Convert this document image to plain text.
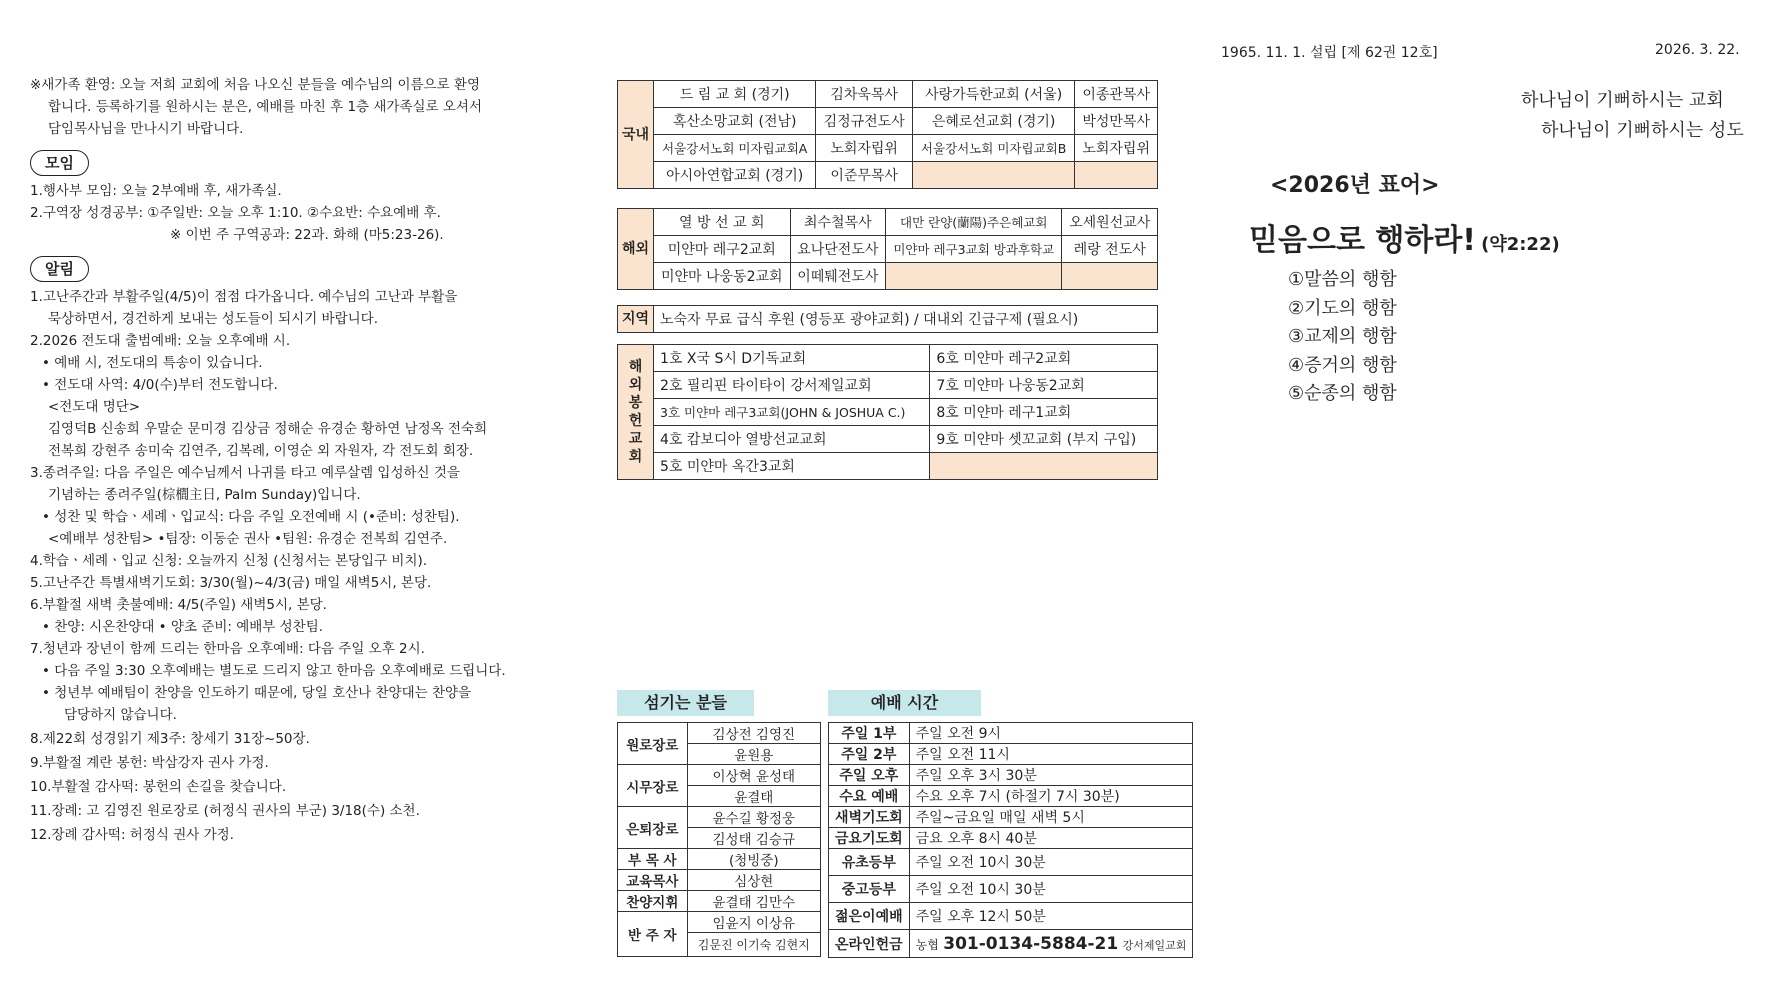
1965. 11. 1. 설립 [제 62권 12호]	2026. 3. 22.

※새가족 환영: 오늘 저희 교회에 처음 나오신 분들을 예수님의 이름으로 환영

합니다. 등록하기를 원하시는 분은, 예배를 마친 후 1층 새가족실로 오셔서

담임목사님을 만나시기 바랍니다.

모임

1.행사부 모임: 오늘 2부예배 후, 새가족실.

2.구역장 성경공부: ①주일반: 오늘 오후 1:10. ②수요반: 수요예배 후.

※ 이번 주 구역공과: 22과. 화해 (마5:23-26).

알림

1.고난주간과 부활주일(4/5)이 점점 다가옵니다. 예수님의 고난과 부활을

묵상하면서, 경건하게 보내는 성도들이 되시기 바랍니다.

2.2026 전도대 출범예배: 오늘 오후예배 시.

• 예배 시, 전도대의 특송이 있습니다.

• 전도대 사역: 4/0(수)부터 전도합니다.

<전도대 명단>

김영덕B 신송희 우말순 문미경 김상금 정해순 유경순 황하연 남정옥 전숙희

전복희 강현주 송미숙 김연주, 김복례, 이영순 외 자원자, 각 전도회 회장.

3.종려주일: 다음 주일은 예수님께서 나귀를 타고 예루살렘 입성하신 것을

기념하는 종려주일(棕櫚主日, Palm Sunday)입니다.

• 성찬 및 학습ㆍ세례ㆍ입교식: 다음 주일 오전예배 시 (•준비: 성찬팀).

<예배부 성찬팀> •팀장: 이동순 권사 •팀원: 유경순 전복희 김연주.

4.학습ㆍ세례ㆍ입교 신청: 오늘까지 신청 (신청서는 본당입구 비치).

5.고난주간 특별새벽기도회: 3/30(월)~4/3(금) 매일 새벽5시, 본당.

6.부활절 새벽 촛불예배: 4/5(주일) 새벽5시, 본당.

• 찬양: 시온찬양대 • 양초 준비: 예배부 성찬팀.

7.청년과 장년이 함께 드리는 한마음 오후예배: 다음 주일 오후 2시.

• 다음 주일 3:30 오후예배는 별도로 드리지 않고 한마음 오후예배로 드립니다.

• 청년부 예배팀이 찬양을 인도하기 때문에, 당일 호산나 찬양대는 찬양을

담당하지 않습니다.

8.제22회 성경읽기 제3주: 창세기 31장~50장.

9.부활절 계란 봉헌: 박삼강자 권사 가정.

10.부활절 감사떡: 봉헌의 손길을 찾습니다.

11.장례: 고 김영진 원로장로 (허정식 권사의 부군) 3/18(수) 소천.

12.장례 감사떡: 허정식 권사 가정.

국내	드 림 교 회 (경기)	김차욱목사	사랑가득한교회 (서울)	이종관목사
	혹산소망교회 (전남)	김정규전도사	은혜로선교회 (경기)	박성만목사
	서울강서노회 미자립교회A	노회자립위	서울강서노회 미자립교회B	노회자립위
	아시아연합교회 (경기)	이준무목사		
해외	열 방 선 교 회	최수철목사	대만 란양(蘭陽)주은혜교회	오세원선교사
	미얀마 레구2교회	요나단전도사	미얀마 레구3교회 방과후학교	레랑 전도사
	미얀마 나웅동2교회	이떼퉤전도사		
지역	노숙자 무료 급식 후원 (영등포 광야교회) / 대내외 긴급구제 (필요시)
해외봉헌교회	1호 X국 S시 D기독교회	6호 미얀마 레구2교회
	2호 필리핀 타이타이 강서제일교회	7호 미얀마 나웅동2교회
	3호 미얀마 레구3교회(JOHN & JOSHUA C.)	8호 미얀마 레구1교회
	4호 캄보디아 열방선교교회	9호 미얀마 셋꼬교회 (부지 구입)
	5호 미얀마 옥간3교회	
섬기는 분들
원로장로	김상전 김영진
	윤원용
시무장로	이상혁 윤성태
	윤결태
은퇴장로	윤수길 황정웅
	김성태 김승규
부 목 사	(청빙중)
교육목사	심상현
찬양지휘	윤결태 김만수
반 주 자	임윤지 이상유
	김문진 이기숙 김현지
예배 시간
주일 1부	주일 오전 9시
주일 2부	주일 오전 11시
주일 오후	주일 오후 3시 30분
수요 예배	수요 오후 7시 (하절기 7시 30분)
새벽기도회	주일~금요일 매일 새벽 5시
금요기도회	금요 오후 8시 40분
유초등부	주일 오전 10시 30분
중고등부	주일 오전 10시 30분
젊은이예배	주일 오후 12시 50분
온라인헌금	농협 301-0134-5884-21 강서제일교회
하나님이 기뻐하시는 교회
하나님이 기뻐하시는 성도
<2026년 표어>
믿음으로 행하라! (약2:22)
①말씀의 행함
②기도의 행함
③교제의 행함
④증거의 행함
⑤순종의 행함
